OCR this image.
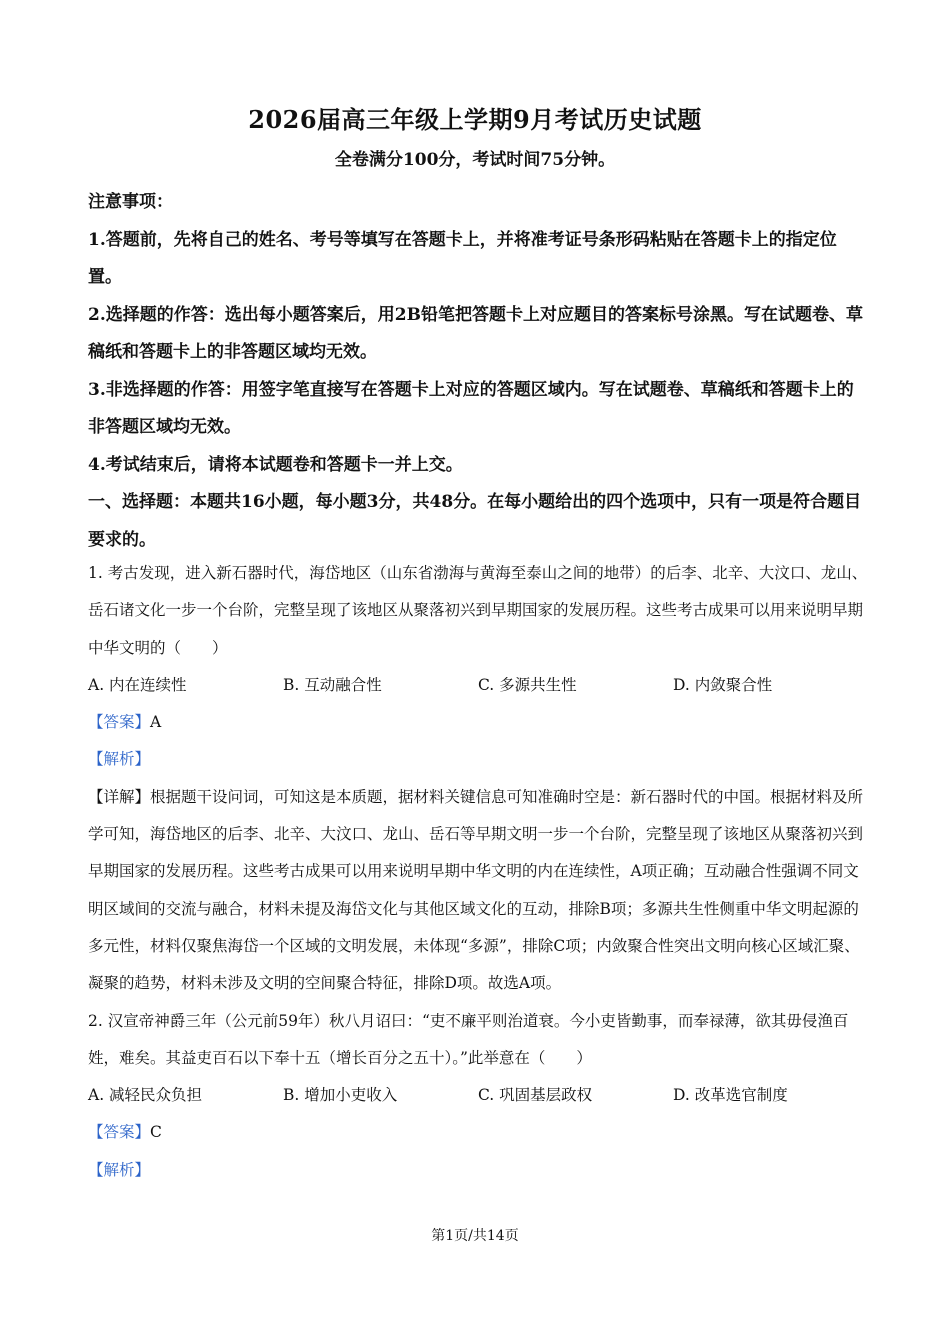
2026届高三年级上学期9月考试历史试题
全卷满分100分，考试时间75分钟。

注意事项：

1.答题前，先将自己的姓名、考号等填写在答题卡上，并将准考证号条形码粘贴在答题卡上的指定位置。

2.选择题的作答：选出每小题答案后，用2B铅笔把答题卡上对应题目的答案标号涂黑。写在试题卷、草稿纸和答题卡上的非答题区域均无效。

3.非选择题的作答：用签字笔直接写在答题卡上对应的答题区域内。写在试题卷、草稿纸和答题卡上的非答题区域均无效。

4.考试结束后，请将本试题卷和答题卡一并上交。

一、选择题：本题共16小题，每小题3分，共48分。在每小题给出的四个选项中，只有一项是符合题目要求的。

1. 考古发现，进入新石器时代，海岱地区（山东省渤海与黄海至泰山之间的地带）的后李、北辛、大汶口、龙山、岳石诸文化一步一个台阶，完整呈现了该地区从聚落初兴到早期国家的发展历程。这些考古成果可以用来说明早期中华文明的（　　）

A. 内在连续性	B. 互动融合性	C. 多源共生性	D. 内敛聚合性

【答案】A

【解析】

【详解】根据题干设问词，可知这是本质题，据材料关键信息可知准确时空是：新石器时代的中国。根据材料及所学可知，海岱地区的后李、北辛、大汶口、龙山、岳石等早期文明一步一个台阶，完整呈现了该地区从聚落初兴到早期国家的发展历程。这些考古成果可以用来说明早期中华文明的内在连续性，A项正确；互动融合性强调不同文明区域间的交流与融合，材料未提及海岱文化与其他区域文化的互动，排除B项；多源共生性侧重中华文明起源的多元性，材料仅聚焦海岱一个区域的文明发展，未体现“多源”，排除C项；内敛聚合性突出文明向核心区域汇聚、凝聚的趋势，材料未涉及文明的空间聚合特征，排除D项。故选A项。

2. 汉宣帝神爵三年（公元前59年）秋八月诏曰：“吏不廉平则治道衰。今小吏皆勤事，而奉禄薄，欲其毋侵渔百姓，难矣。其益吏百石以下奉十五（增长百分之五十）。”此举意在（　　）

A. 减轻民众负担	B. 增加小吏收入	C. 巩固基层政权	D. 改革选官制度

【答案】C

【解析】

第1页/共14页
